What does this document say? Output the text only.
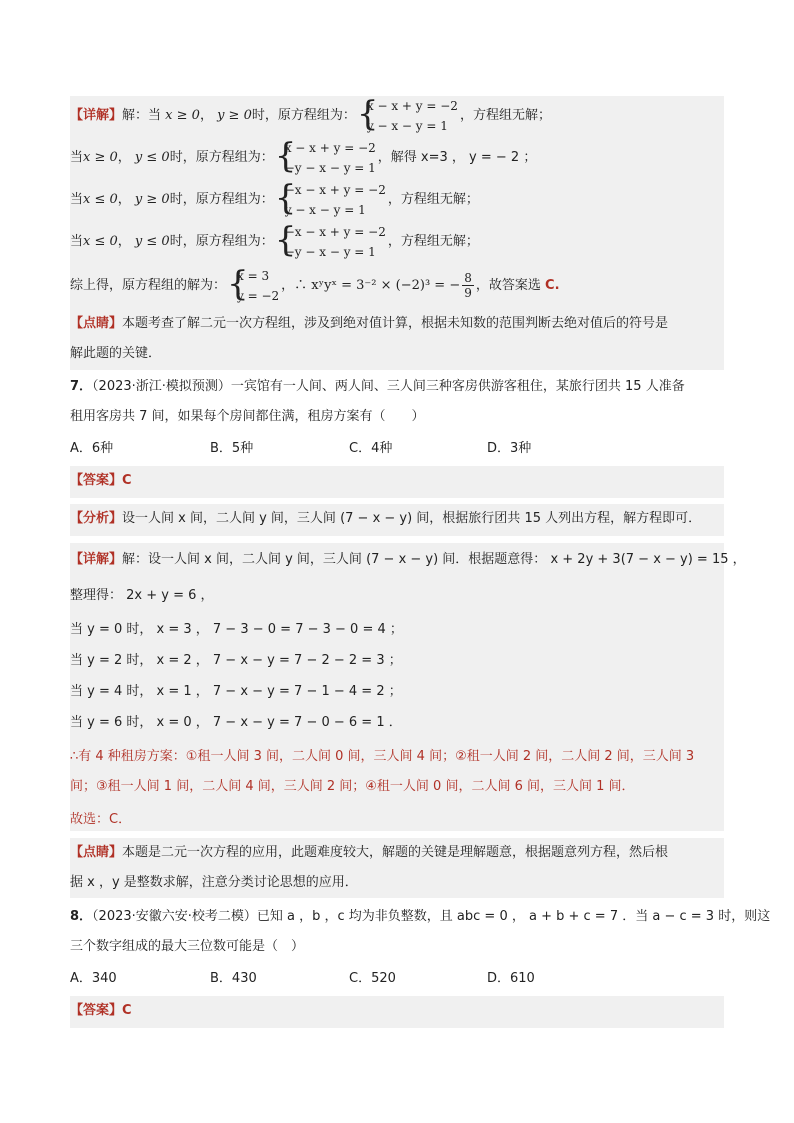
【详解】解：当 x ≥ 0， y ≥ 0时，原方程组为：
{ x − x + y = −2
y − x − y = 1
，方程组无解；
当x ≥ 0， y ≤ 0时，原方程组为：
{ x − x + y = −2
−y − x − y = 1
，解得 x=3 ， y = − 2 ；
当x ≤ 0， y ≥ 0时，原方程组为：
{ −x − x + y = −2
y − x − y = 1
，方程组无解；
当x ≤ 0， y ≤ 0时，原方程组为：
{ −x − x + y = −2
−y − x − y = 1
，方程组无解；
综上得，原方程组的解为：
{ x = 3
y = −2
，∴ xʸyˣ = 3⁻² × (−2)³ = − $\frac{8}{9}$ ，故答案选 C.
【点睛】本题考查了解二元一次方程组，涉及到绝对值计算，根据未知数的范围判断去绝对值后的符号是
解此题的关键．
7．（2023·浙江·模拟预测）一宾馆有一人间、两人间、三人间三种客房供游客租住，某旅行团共 15 人准备
租用客房共 7 间，如果每个房间都住满，租房方案有（　　）
A．6种	B．5种	C．4种	D．3种
【答案】C
【分析】设一人间 x 间，二人间 y 间，三人间 (7 − x − y) 间，根据旅行团共 15 人列出方程，解方程即可．
【详解】解：设一人间 x 间，二人间 y 间，三人间 (7 − x − y) 间．根据题意得： x + 2y + 3(7 − x − y) = 15 ，
整理得： 2x + y = 6 ，
当 y = 0 时， x = 3 ， 7 − 3 − 0 = 7 − 3 − 0 = 4 ；
当 y = 2 时， x = 2 ， 7 − x − y = 7 − 2 − 2 = 3 ；
当 y = 4 时， x = 1 ， 7 − x − y = 7 − 1 − 4 = 2 ；
当 y = 6 时， x = 0 ， 7 − x − y = 7 − 0 − 6 = 1 ．
∴有 4 种租房方案：①租一人间 3 间，二人间 0 间，三人间 4 间；②租一人间 2 间，二人间 2 间，三人间 3
间；③租一人间 1 间，二人间 4 间，三人间 2 间；④租一人间 0 间，二人间 6 间，三人间 1 间．
故选：C．
【点睛】本题是二元一次方程的应用，此题难度较大，解题的关键是理解题意，根据题意列方程，然后根
据 x ，y 是整数求解，注意分类讨论思想的应用．
8．（2023·安徽六安·校考二模）已知 a ，b ，c 均为非负整数，且 abc = 0 ， a + b + c = 7 ．当 a − c = 3 时，则这
三个数字组成的最大三位数可能是（　）
A．340	B．430	C．520	D．610
【答案】C
